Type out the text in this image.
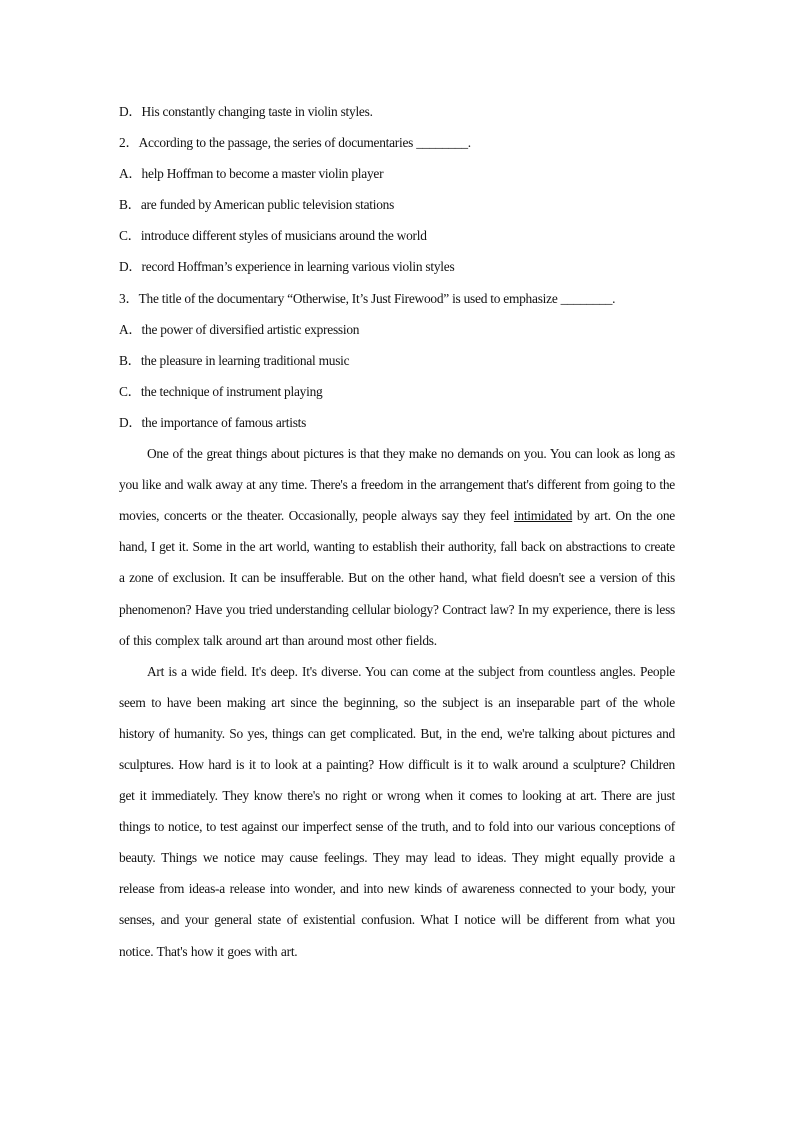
D．His constantly changing taste in violin styles.
2．According to the passage, the series of documentaries ________.
A．help Hoffman to become a master violin player
B．are funded by American public television stations
C．introduce different styles of musicians around the world
D．record Hoffman’s experience in learning various violin styles
3．The title of the documentary “Otherwise, It’s Just Firewood” is used to emphasize ________.
A．the power of diversified artistic expression
B．the pleasure in learning traditional music
C．the technique of instrument playing
D．the importance of famous artists

One of the great things about pictures is that they make no demands on you. You can look as long as you like and walk away at any time. There's a freedom in the arrangement that's different from going to the movies, concerts or the theater. Occasionally, people always say they feel intimidated by art. On the one hand, I get it. Some in the art world, wanting to establish their authority, fall back on abstractions to create a zone of exclusion. It can be insufferable. But on the other hand, what field doesn't see a version of this phenomenon? Have you tried understanding cellular biology? Contract law? In my experience, there is less of this complex talk around art than around most other fields.

Art is a wide field. It's deep. It's diverse. You can come at the subject from countless angles. People seem to have been making art since the beginning, so the subject is an inseparable part of the whole history of humanity. So yes, things can get complicated. But, in the end, we're talking about pictures and sculptures. How hard is it to look at a painting? How difficult is it to walk around a sculpture? Children get it immediately. They know there's no right or wrong when it comes to looking at art. There are just things to notice, to test against our imperfect sense of the truth, and to fold into our various conceptions of beauty. Things we notice may cause feelings. They may lead to ideas. They might equally provide a release from ideas-a release into wonder, and into new kinds of awareness connected to your body, your senses, and your general state of existential confusion. What I notice will be different from what you notice. That's how it goes with art.
